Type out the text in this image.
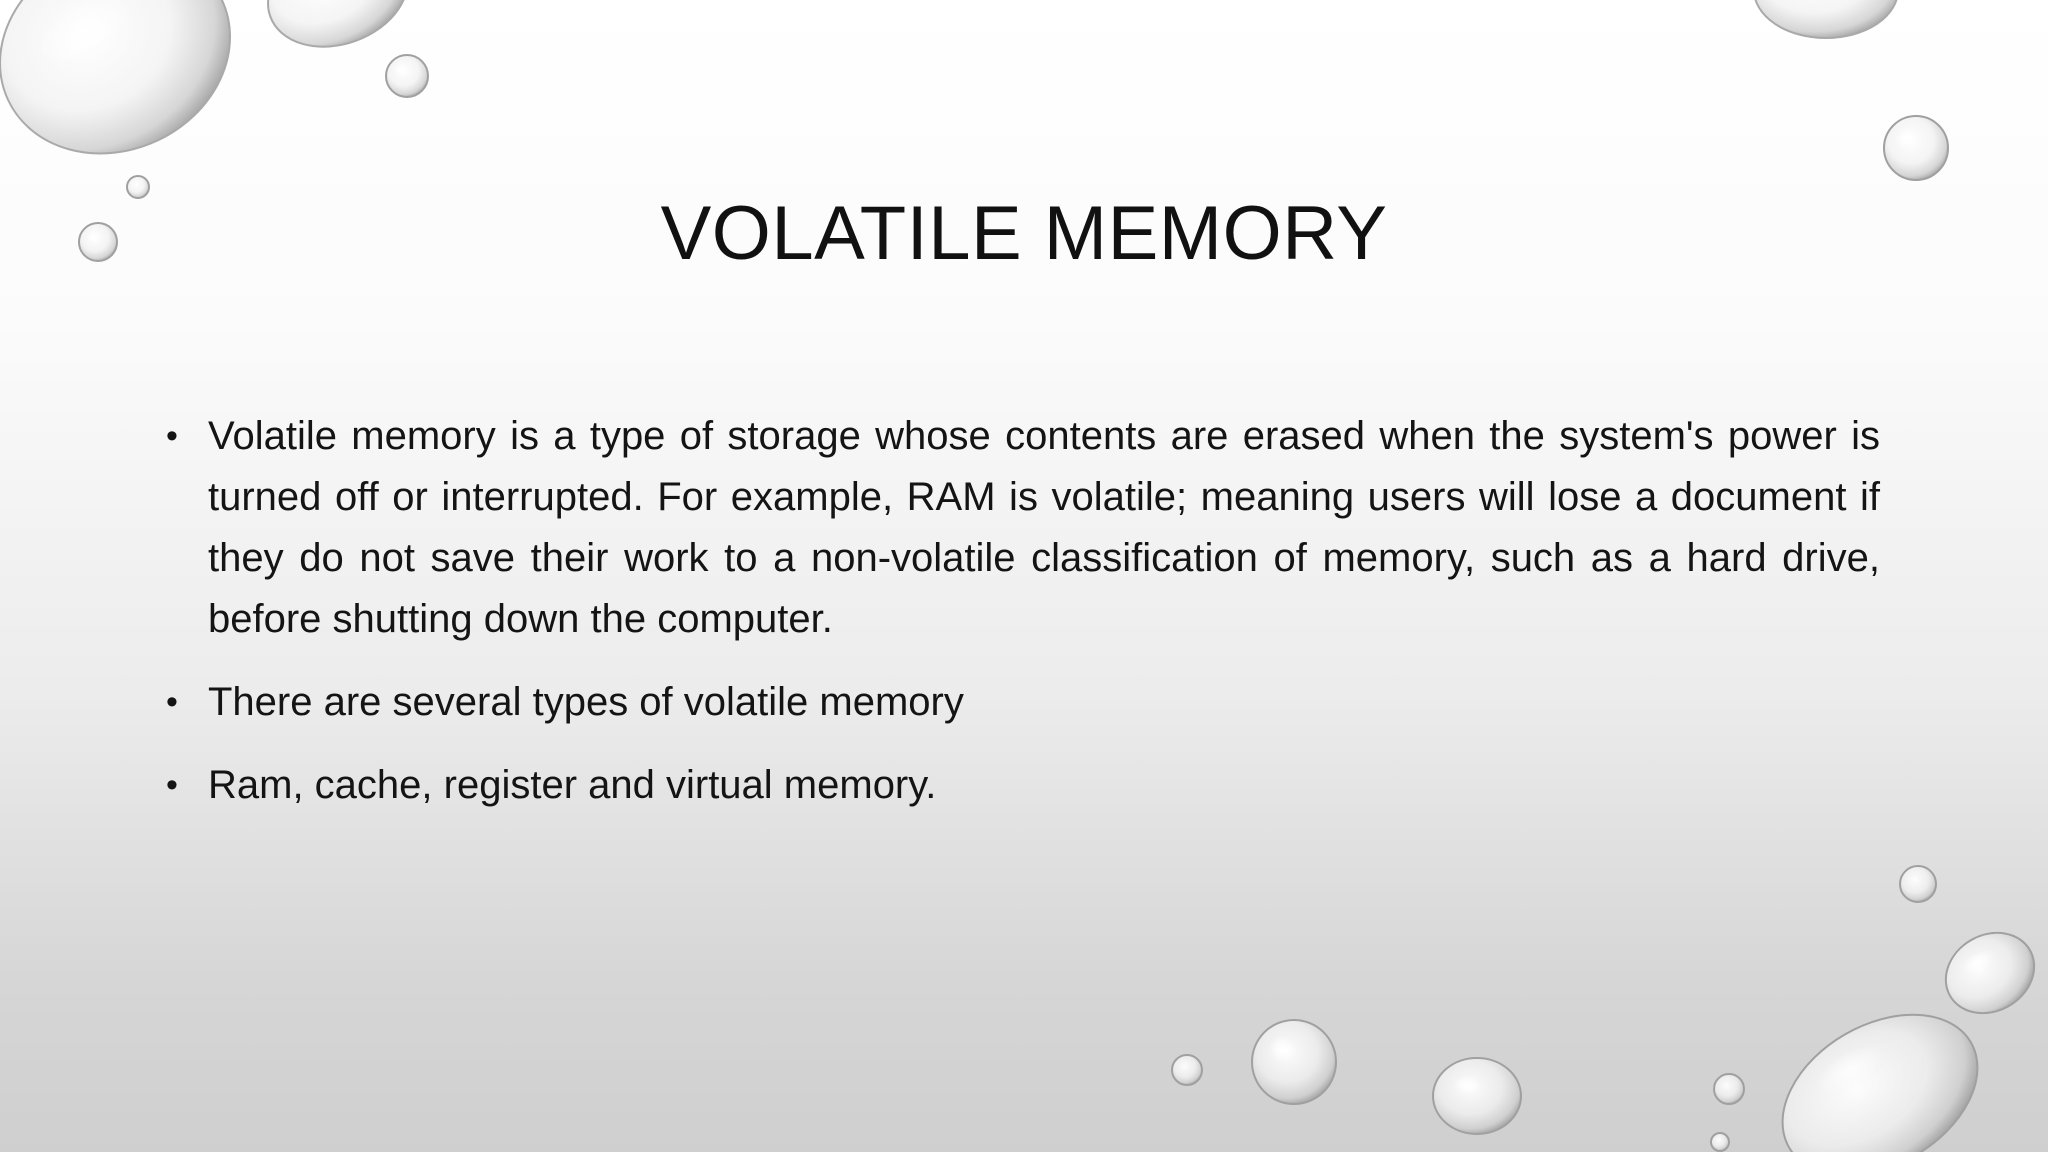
VOLATILE MEMORY
• Volatile memory is a type of storage whose contents are erased when the system's power is turned off or interrupted. For example, RAM is volatile; meaning users will lose a document if they do not save their work to a non-volatile classification of memory, such as a hard drive, before shutting down the computer.
• There are several types of volatile memory
• Ram, cache, register and virtual memory.
